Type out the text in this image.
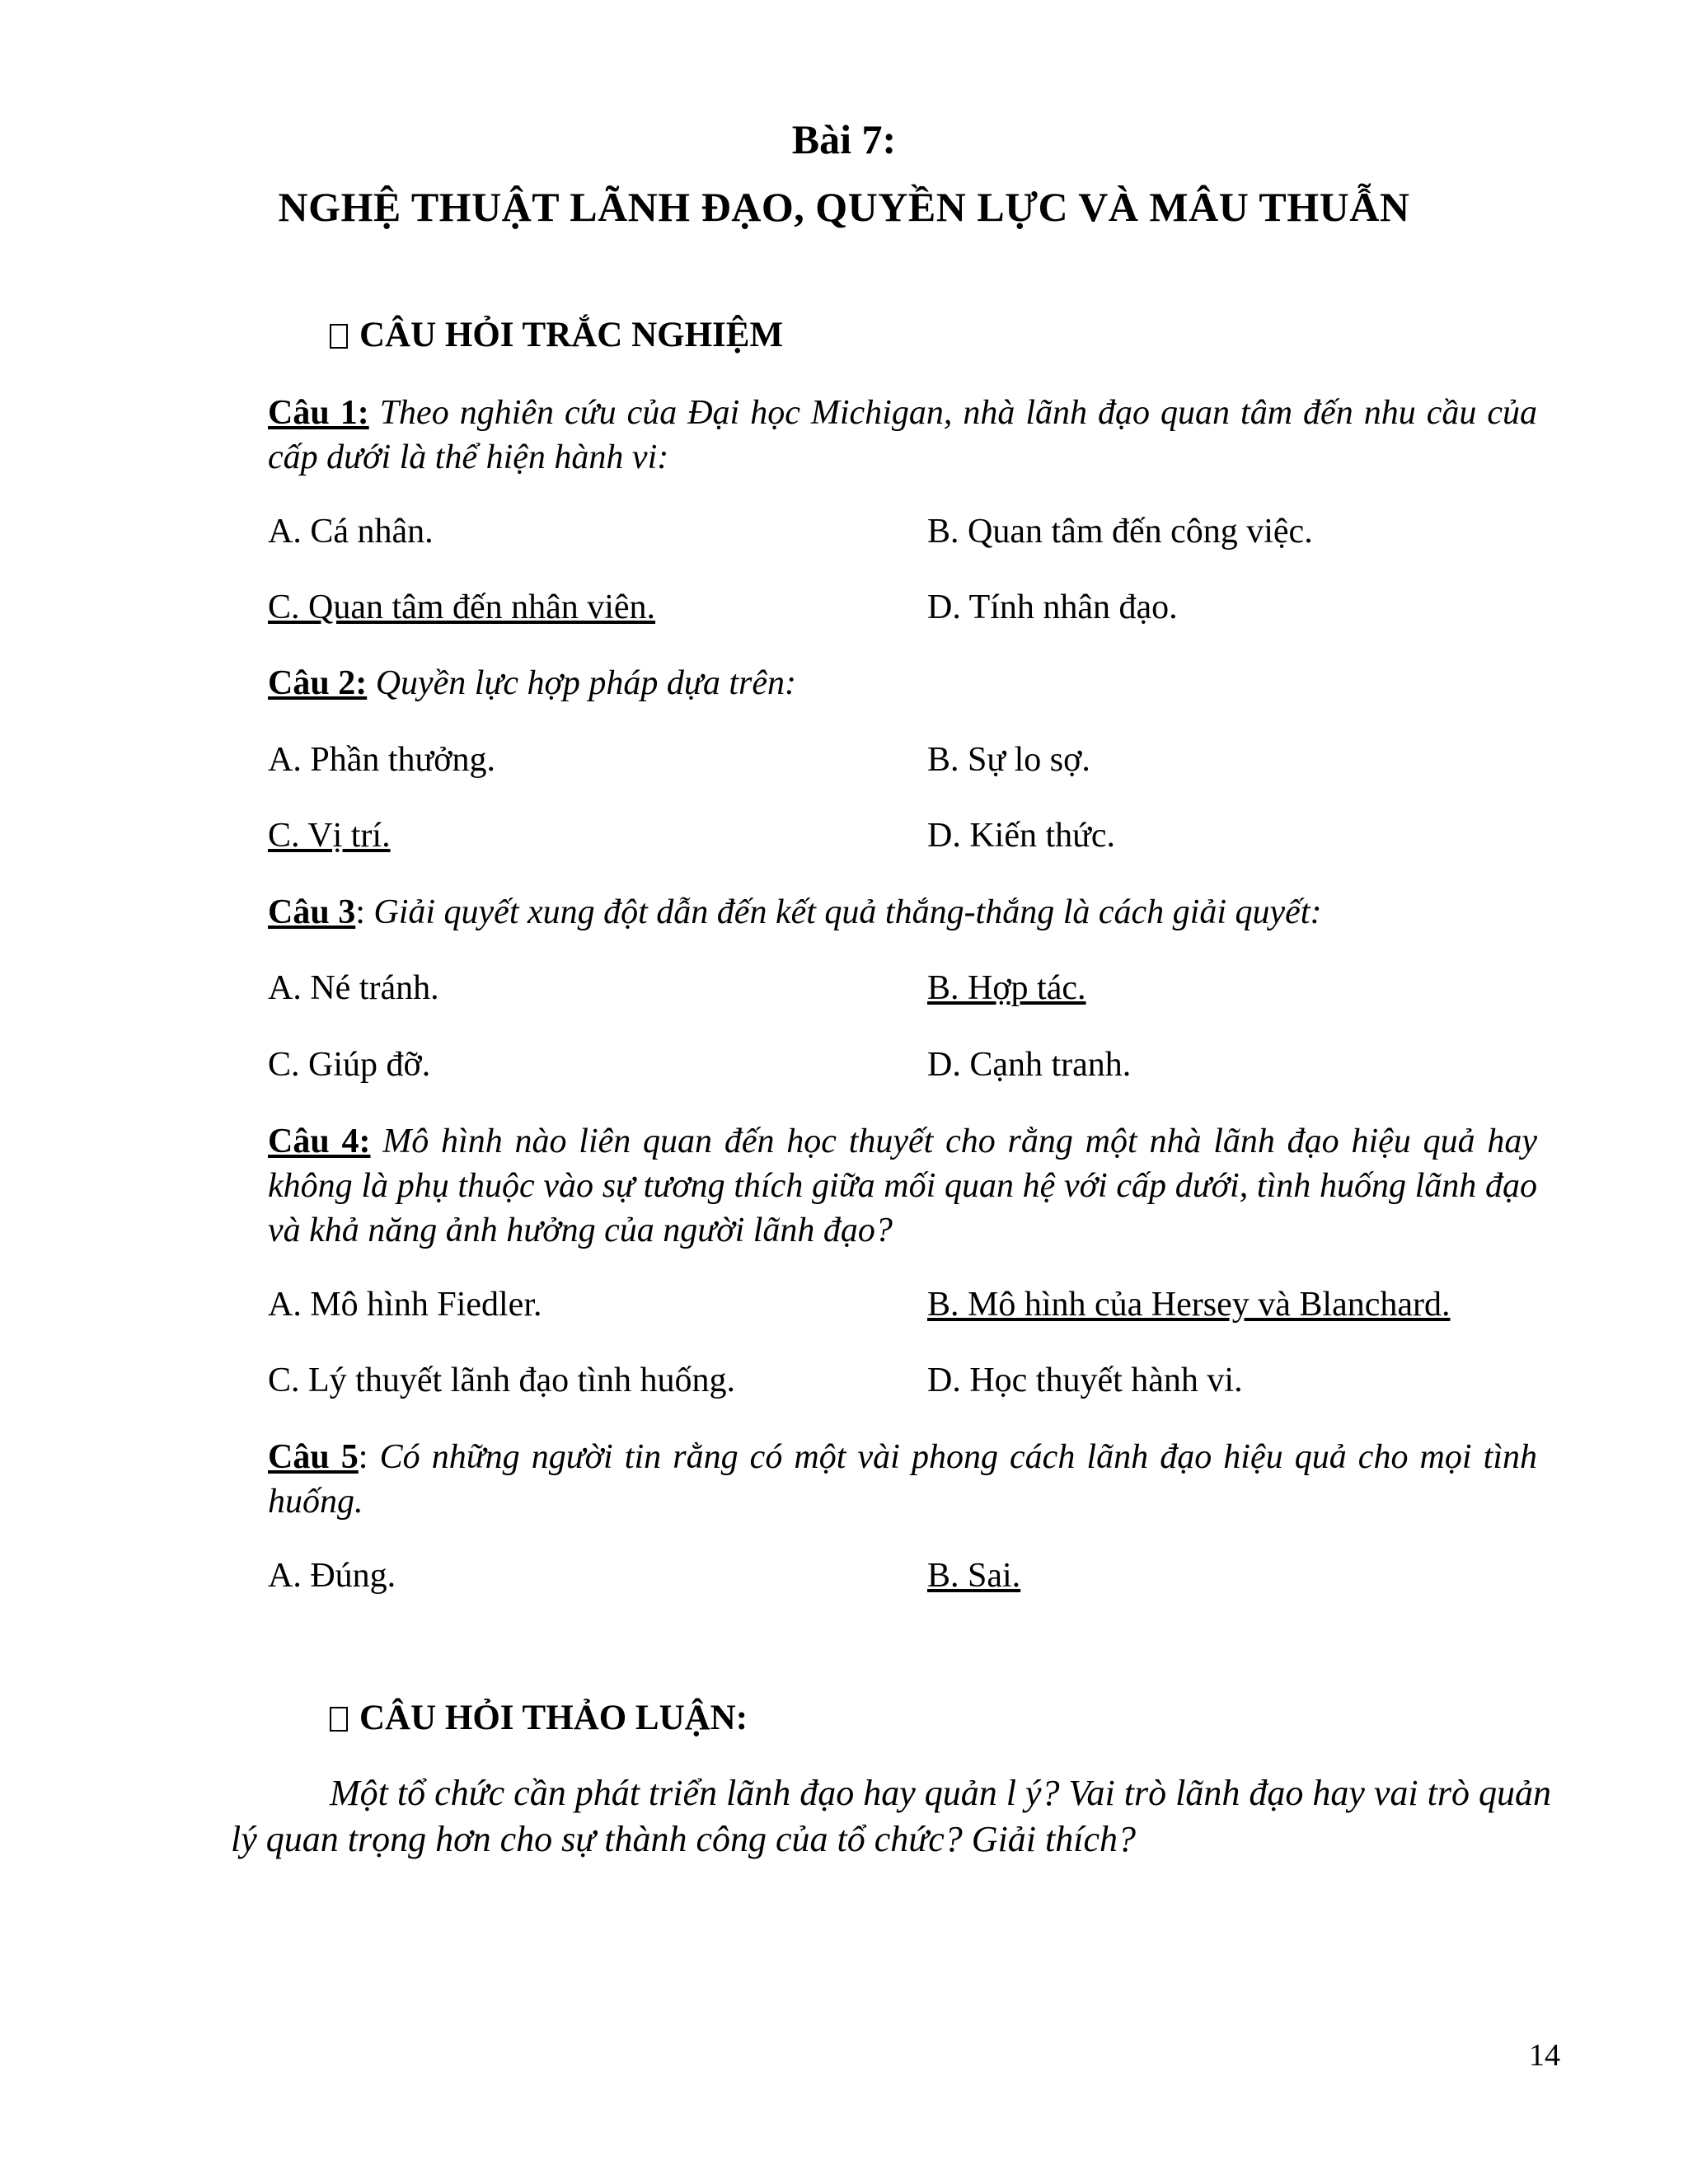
Bài 7:
NGHỆ THUẬT LÃNH ĐẠO, QUYỀN LỰC VÀ MÂU THUẪN
CÂU HỎI TRẮC NGHIỆM
Câu 1: Theo nghiên cứu của Đại học Michigan, nhà lãnh đạo quan tâm đến nhu cầu của cấp dưới là thể hiện hành vi:
A. Cá nhân.	B. Quan tâm đến công việc.
C. Quan tâm đến nhân viên.	D. Tính nhân đạo.
Câu 2: Quyền lực hợp pháp dựa trên:
A. Phần thưởng.	B. Sự lo sợ.
C. Vị trí.	D. Kiến thức.
Câu 3: Giải quyết xung đột dẫn đến kết quả thắng-thắng là cách giải quyết:
A. Né tránh.	B. Hợp tác.
C. Giúp đỡ.	D. Cạnh tranh.
Câu 4: Mô hình nào liên quan đến học thuyết cho rằng một nhà lãnh đạo hiệu quả hay không là phụ thuộc vào sự tương thích giữa mối quan hệ với cấp dưới, tình huống lãnh đạo và khả năng ảnh hưởng của người lãnh đạo?
A. Mô hình Fiedler.	B. Mô hình của Hersey và Blanchard.
C. Lý thuyết lãnh đạo tình huống.	D. Học thuyết hành vi.
Câu 5: Có những người tin rằng có một vài phong cách lãnh đạo hiệu quả cho mọi tình huống.
A. Đúng.	B. Sai.
CÂU HỎI THẢO LUẬN:
Một tổ chức cần phát triển lãnh đạo hay quản l ý? Vai trò lãnh đạo hay vai trò quản lý quan trọng hơn cho sự thành công của tổ chức? Giải thích?
14
